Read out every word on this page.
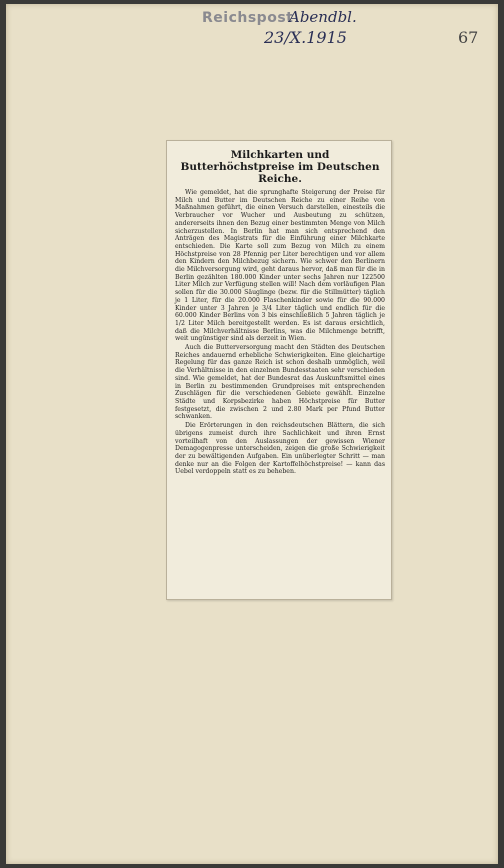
Reichspost
Abendbl.
23/X.1915	67
Milchkarten und Butterhöchstpreise im Deutschen Reiche.

Wie gemeldet, hat die sprunghafte Steigerung der Preise für Milch und Butter im Deutschen Reiche zu einer Reihe von Maßnahmen geführt, die einen Versuch darstellen, einesteils die Verbraucher vor Wucher und Ausbeutung zu schützen, andererseits ihnen den Bezug einer bestimmten Menge von Milch sicherzustellen. In Berlin hat man sich entsprechend den Anträgen des Magistrats für die Einführung einer Milchkarte entschieden. Die Karte soll zum Bezug von Milch zu einem Höchstpreise von 28 Pfennig per Liter berechtigen und vor allem den Kindern den Milchbezug sichern. Wie schwer den Berlinern die Milchversorgung wird, geht daraus hervor, daß man für die in Berlin gezählten 180.000 Kinder unter sechs Jahren nur 122500 Liter Milch zur Verfügung stellen will! Nach dem vorläufigen Plan sollen für die 30.000 Säuglinge (bezw. für die Stillmütter) täglich je 1 Liter, für die 20.000 Flaschenkinder sowie für die 90.000 Kinder unter 3 Jahren je 3/4 Liter täglich und endlich für die 60.000 Kinder Berlins von 3 bis einschließlich 5 Jahren täglich je 1/2 Liter Milch bereitgestellt werden. Es ist daraus ersichtlich, daß die Milchverhältnisse Berlins, was die Milchmenge betrifft, weit ungünstiger sind als derzeit in Wien.

Auch die Butterversorgung macht den Städten des Deutschen Reiches andauernd erhebliche Schwierigkeiten. Eine gleichartige Regelung für das ganze Reich ist schon deshalb unmöglich, weil die Verhältnisse in den einzelnen Bundesstaaten sehr verschieden sind. Wie gemeldet, hat der Bundesrat das Auskunftsmittel eines in Berlin zu bestimmenden Grundpreises mit entsprechenden Zuschlägen für die verschiedenen Gebiete gewählt. Einzelne Städte und Korpsbezirke haben Höchstpreise für Butter festgesetzt, die zwischen 2 und 2.80 Mark per Pfund Butter schwanken.

Die Erörterungen in den reichsdeutschen Blättern, die sich übrigens zumeist durch ihre Sachlichkeit und ihren Ernst vorteilhaft von den Auslassungen der gewissen Wiener Demagogenpresse unterscheiden, zeigen die große Schwierigkeit der zu bewältigenden Aufgaben. Ein unüberlegter Schritt — man denke nur an die Folgen der Kartoffelhöchstpreise! — kann das Uebel verdoppeln statt es zu beheben.
